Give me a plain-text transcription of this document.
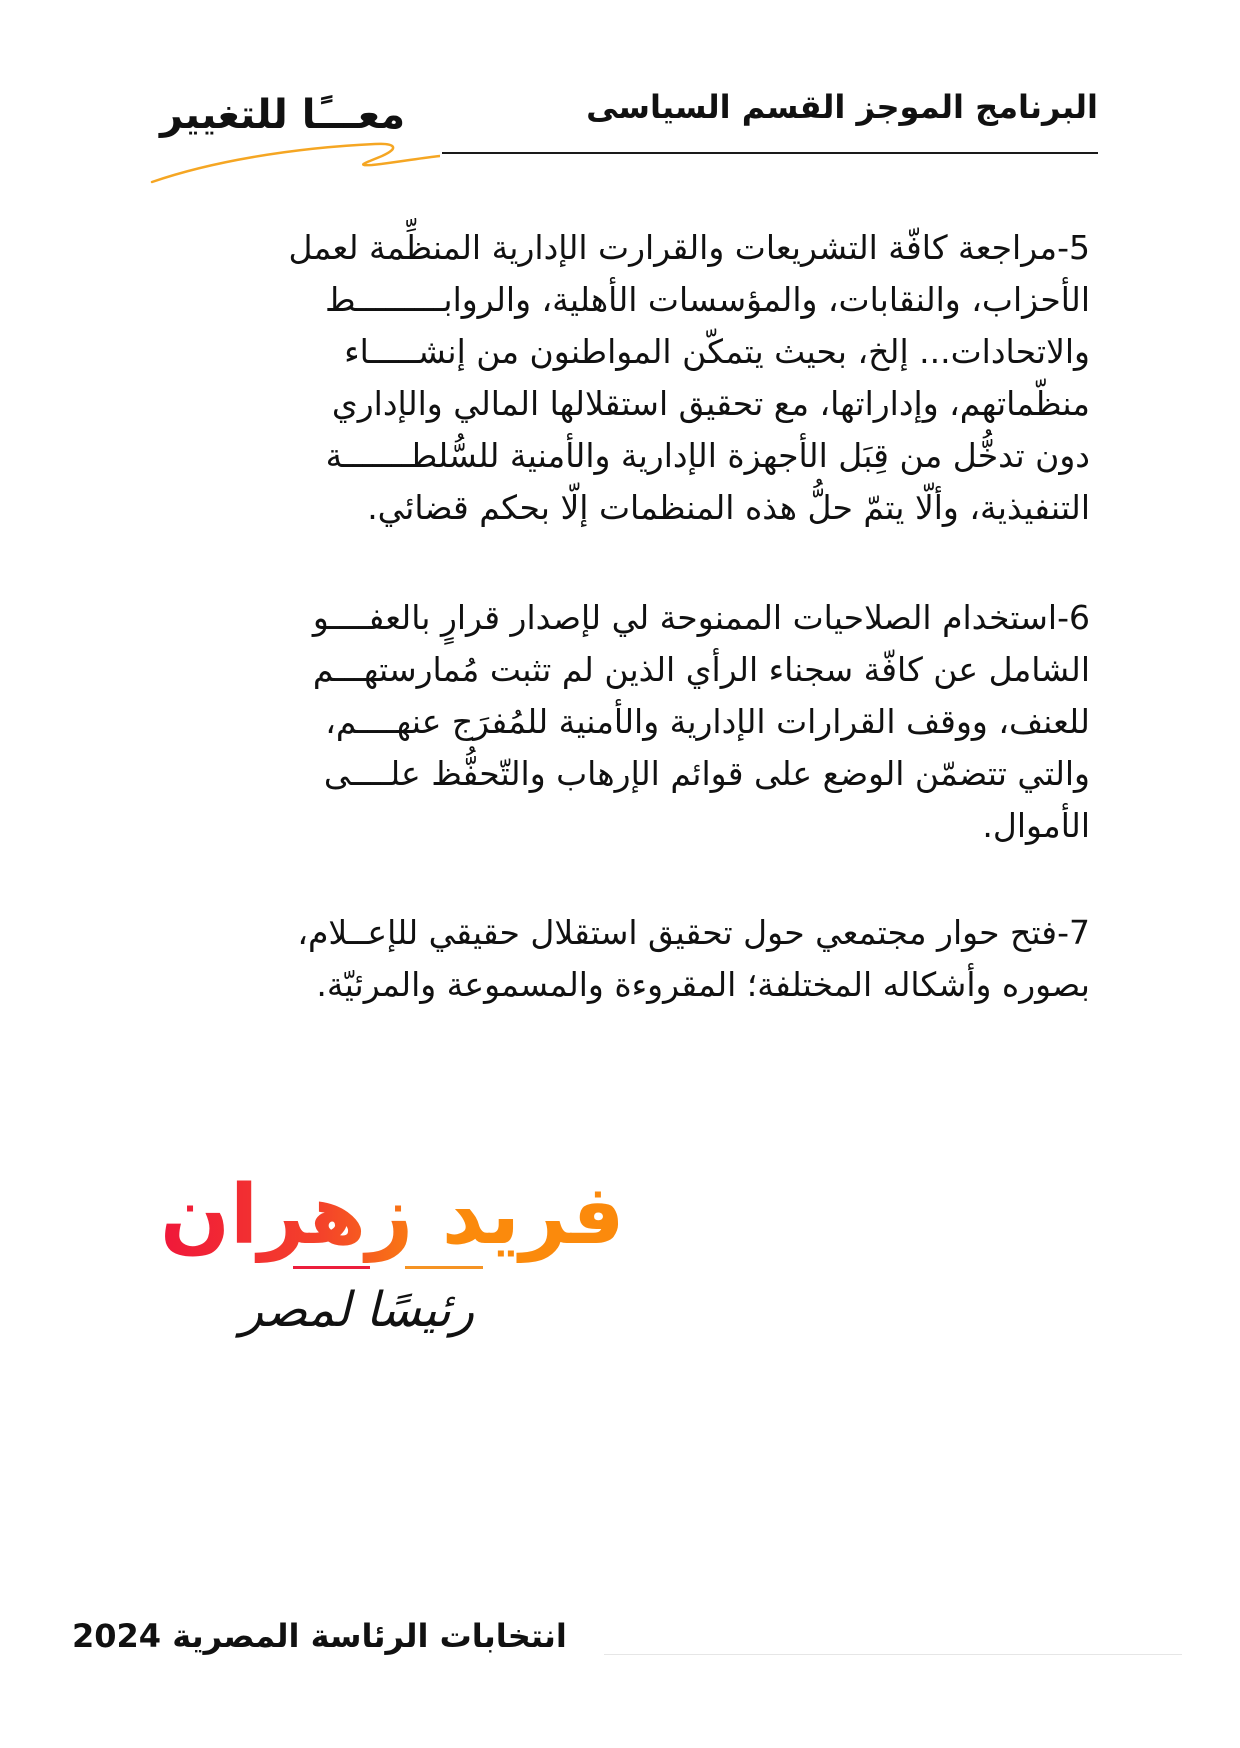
البرنامج الموجز القسم السياسى
معـــًا للتغيير
5-مراجعة كافّة التشريعات والقرارت الإدارية المنظِّمة لعمل
الأحزاب، والنقابات، والمؤسسات الأهلية، والروابـــــــــط
والاتحادات... إلخ، بحيث يتمكّن المواطنون من إنشـــــاء
منظّماتهم، وإداراتها، مع تحقيق استقلالها المالي والإداري
دون تدخُّل من قِبَل الأجهزة الإدارية والأمنية للسُّلطـــــــة
التنفيذية، وألّا يتمّ حلُّ هذه المنظمات إلّا بحكم قضائي.
6-استخدام الصلاحيات الممنوحة لي لإصدار قرارٍ بالعفــــو
الشامل عن كافّة سجناء الرأي الذين لم تثبت مُمارستهـــم
للعنف، ووقف القرارات الإدارية والأمنية للمُفرَج عنهــــم،
والتي تتضمّن الوضع على قوائم الإرهاب والتّحفُّظ علــــى
الأموال.
7-فتح حوار مجتمعي حول تحقيق استقلال حقيقي للإعــلام،
بصوره وأشكاله المختلفة؛ المقروءة والمسموعة والمرئيّة.
فريد زهران
رئيسًا لمصر
انتخابات الرئاسة المصرية 2024
